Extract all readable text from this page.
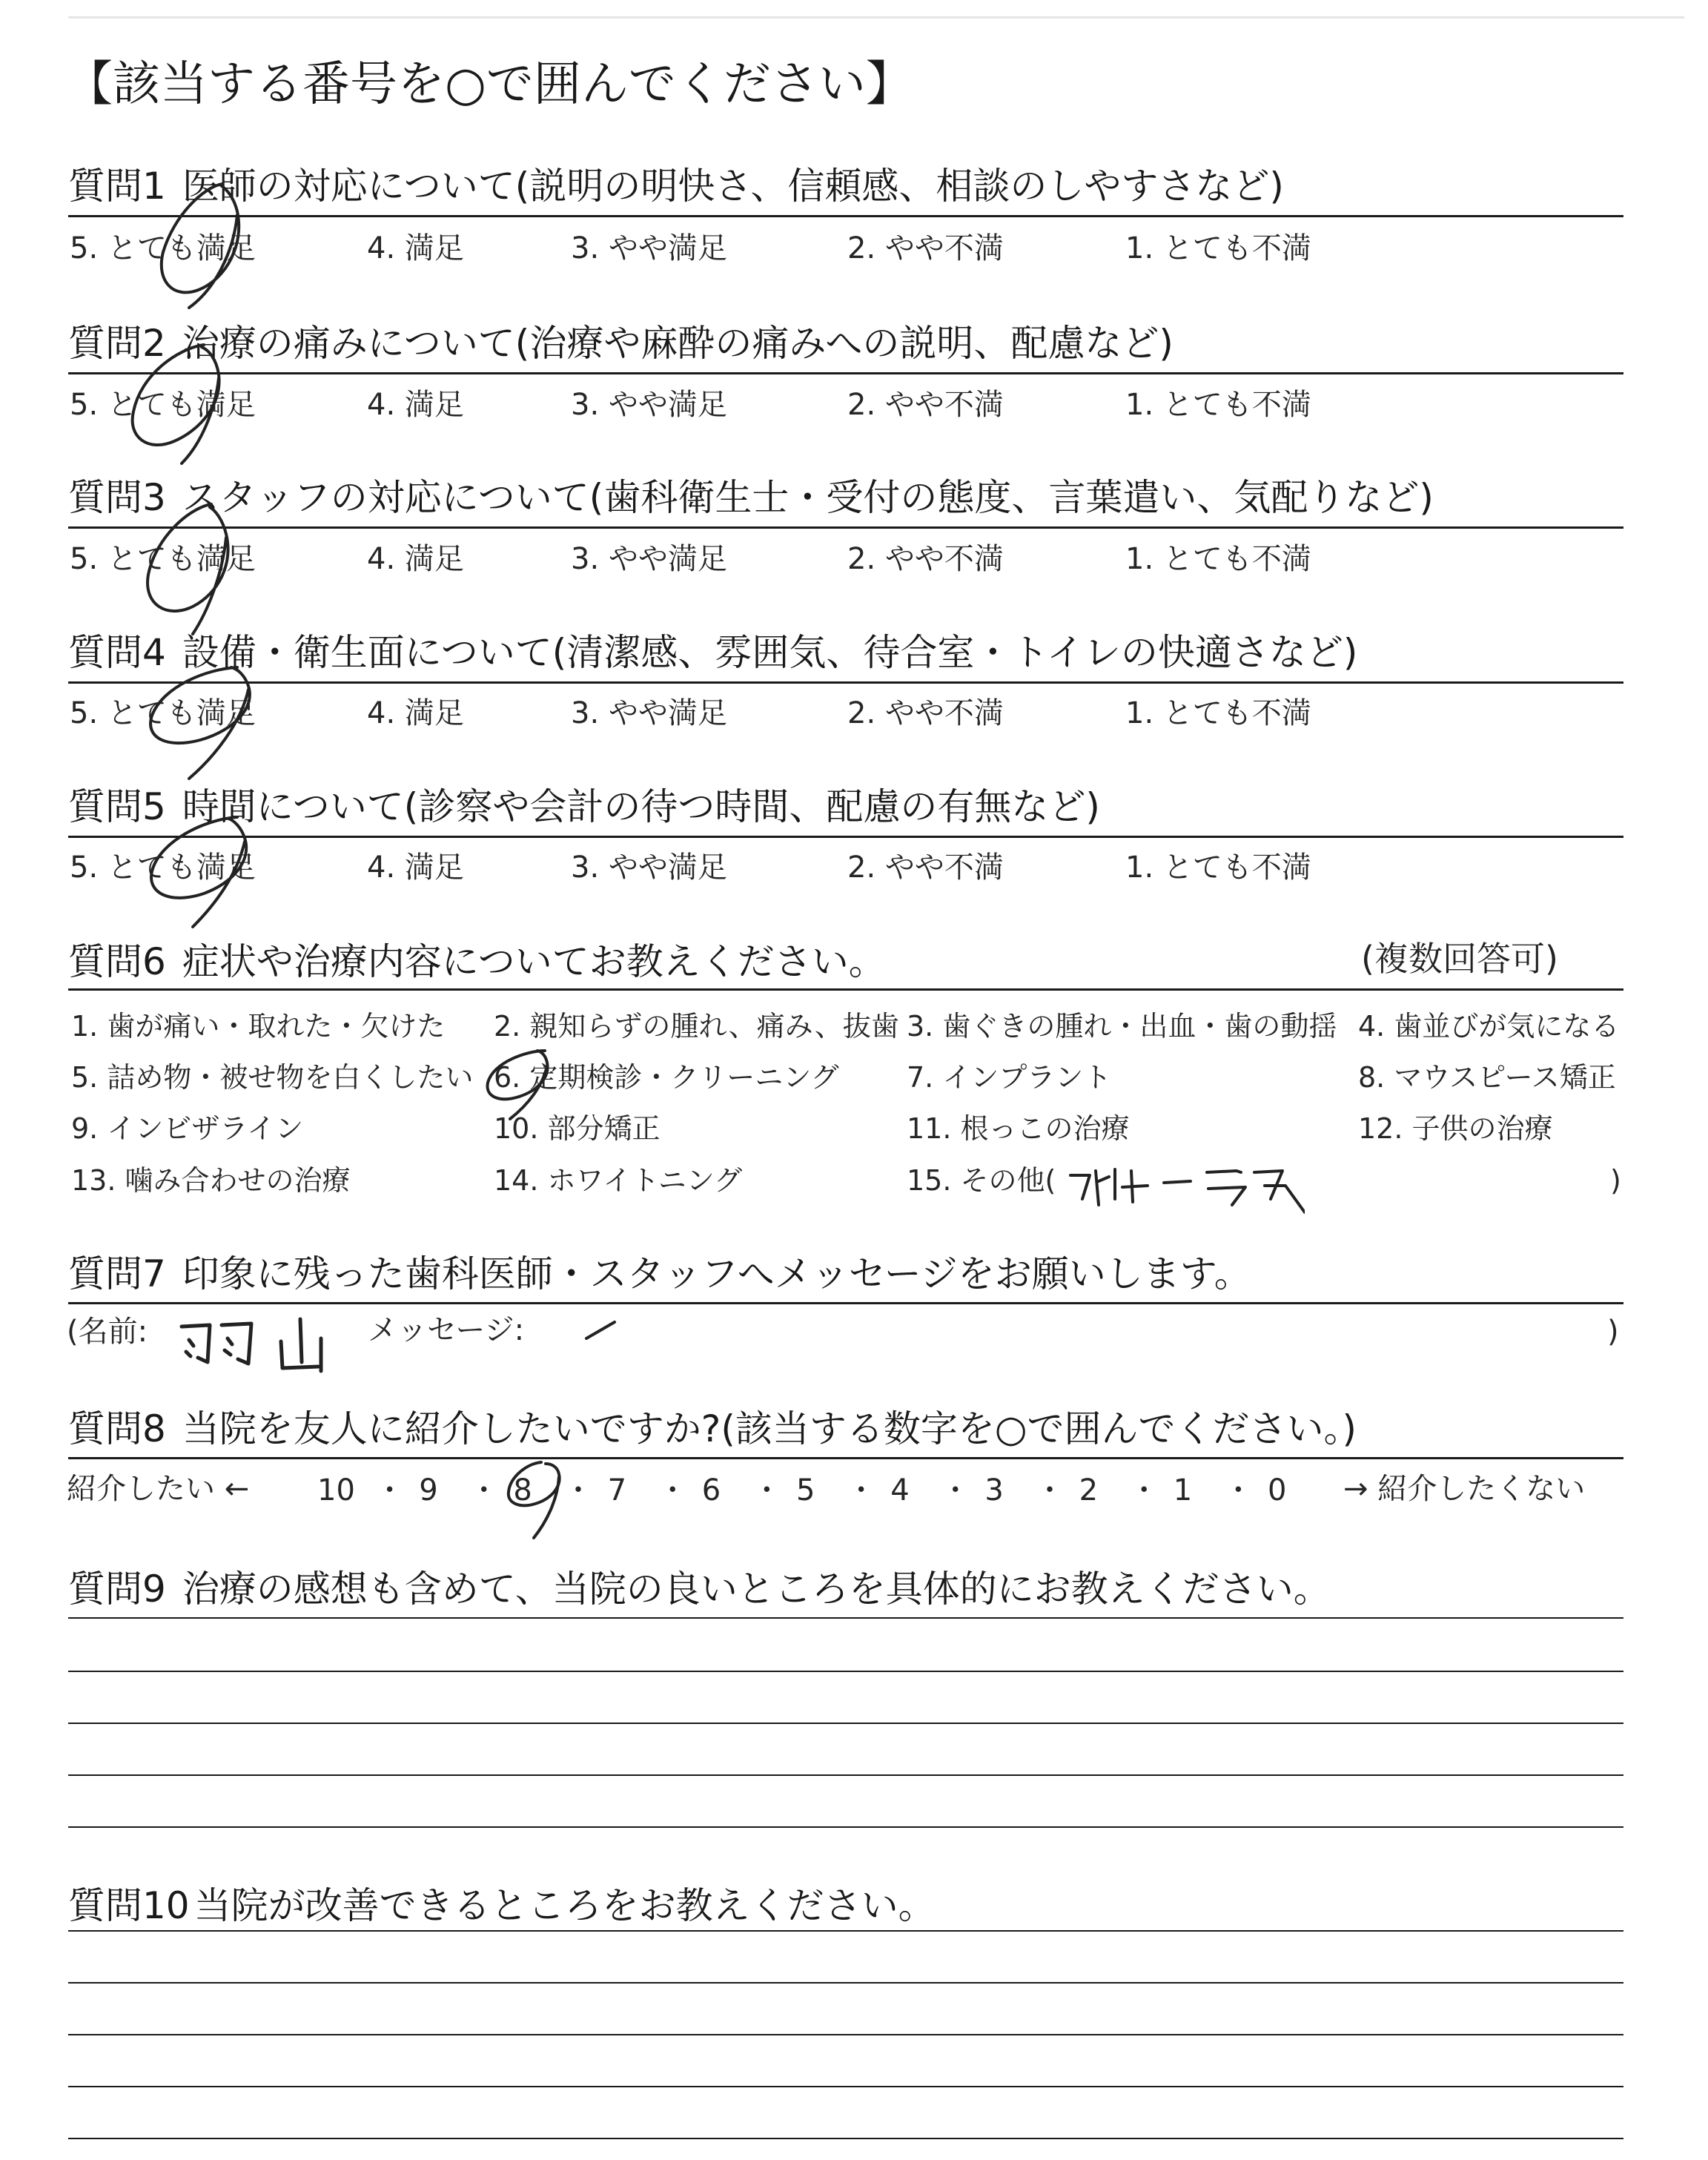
【該当する番号を○で囲んでください】
質問1 医師の対応について(説明の明快さ、信頼感、相談のしやすさなど)
5. とても満足	4. 満足	3. やや満足	2. やや不満	1. とても不満
質問2 治療の痛みについて(治療や麻酔の痛みへの説明、配慮など)
5. とても満足	4. 満足	3. やや満足	2. やや不満	1. とても不満
質問3 スタッフの対応について(歯科衛生士・受付の態度、言葉遣い、気配りなど)
5. とても満足	4. 満足	3. やや満足	2. やや不満	1. とても不満
質問4 設備・衛生面について(清潔感、雰囲気、待合室・トイレの快適さなど)
5. とても満足	4. 満足	3. やや満足	2. やや不満	1. とても不満
質問5 時間について(診察や会計の待つ時間、配慮の有無など)
5. とても満足	4. 満足	3. やや満足	2. やや不満	1. とても不満
質問6 症状や治療内容についてお教えください。	(複数回答可)
1. 歯が痛い・取れた・欠けた 2. 親知らずの腫れ、痛み、抜歯 3. 歯ぐきの腫れ・出血・歯の動揺 4. 歯並びが気になる
5. 詰め物・被せ物を白くしたい 6. 定期検診・クリーニング 7. インプラント	8. マウスピース矯正
9. インビザライン	10. 部分矯正	11. 根っこの治療	12. 子供の治療
13. 噛み合わせの治療	14. ホワイトニング	15. その他(	)
質問7 印象に残った歯科医師・スタッフへメッセージをお願いします。
(名前:	メッセージ:	)
質問8 当院を友人に紹介したいですか?(該当する数字を○で囲んでください。)
紹介したい ←	→ 紹介したくない
質問9 治療の感想も含めて、当院の良いところを具体的にお教えください。
質問10 当院が改善できるところをお教えください。
10 ・ 9 ・ 8 ・ 7 ・ 6 ・ 5 ・ 4 ・ 3 ・ 2 ・ 1 ・ 0
